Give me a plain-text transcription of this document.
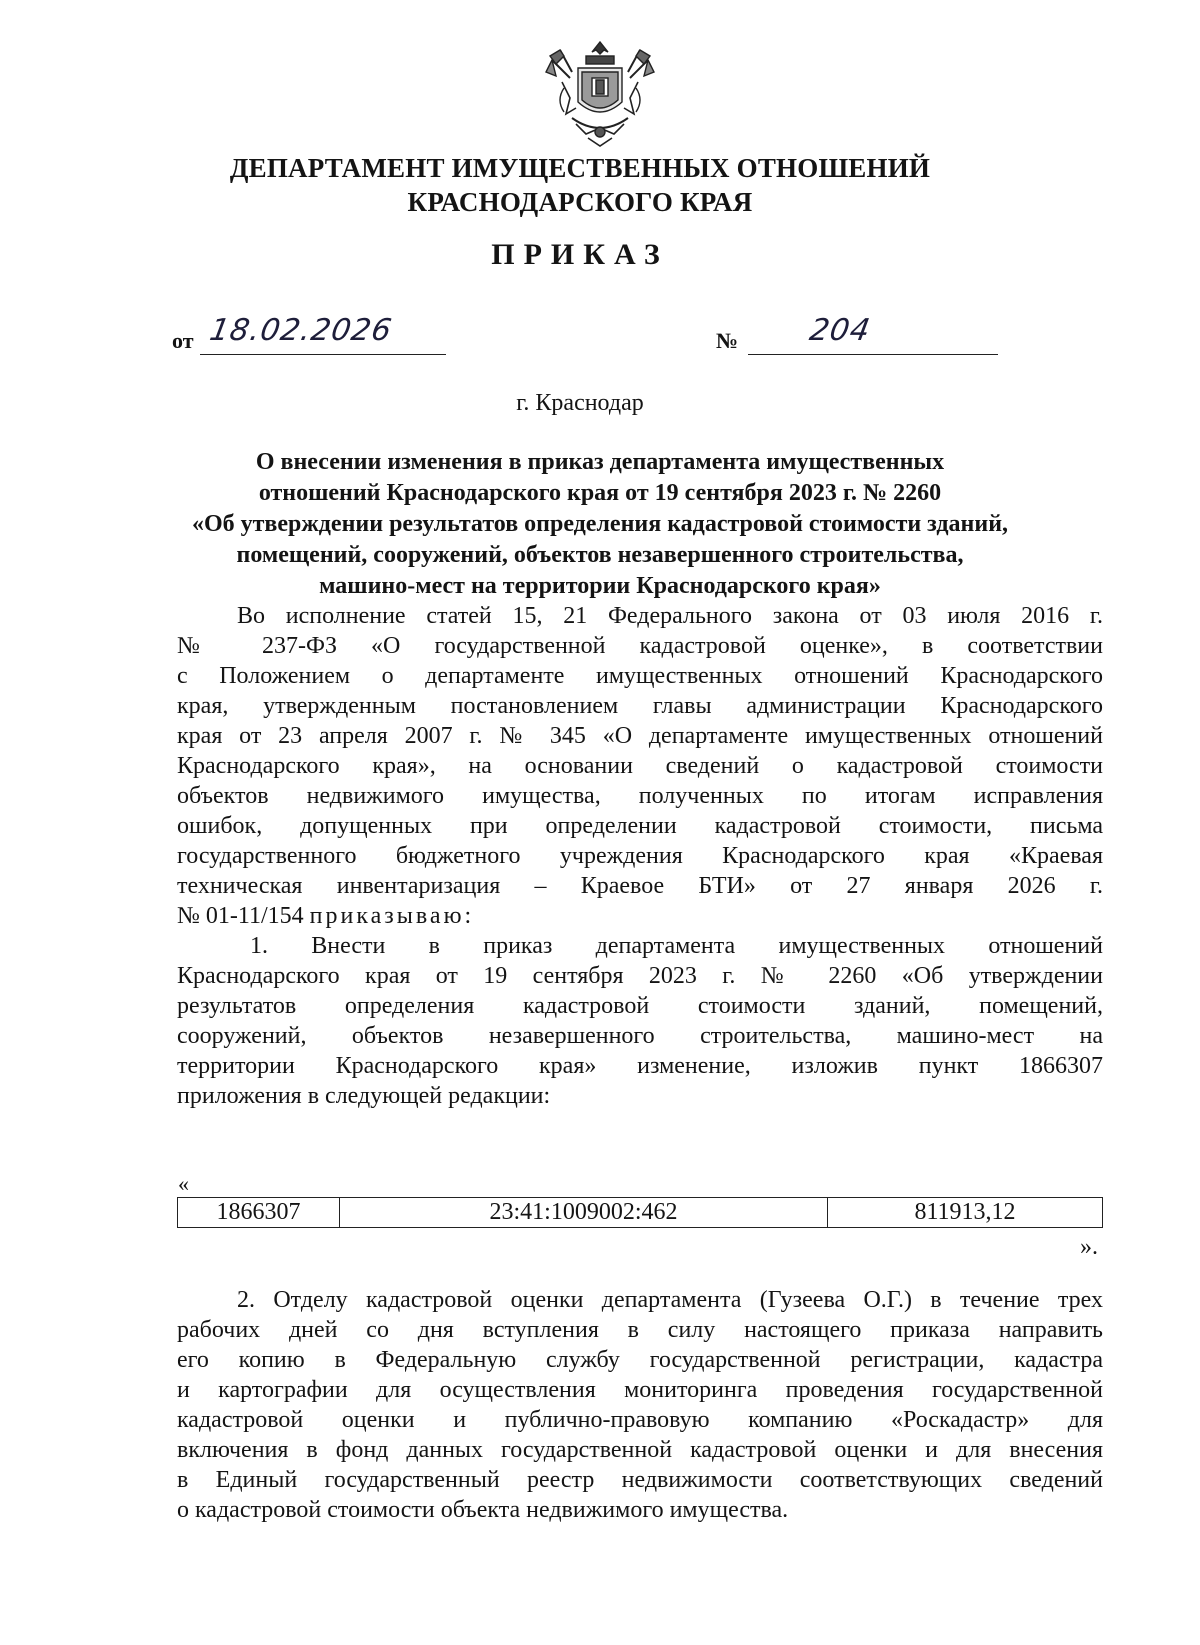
ДЕПАРТАМЕНТ ИМУЩЕСТВЕННЫХ ОТНОШЕНИЙ
КРАСНОДАРСКОГО КРАЯ
ПРИКАЗ
от 18.02.2026	№ 204
г. Краснодар
О внесении изменения в приказ департамента имущественных
отношений Краснодарского края от 19 сентября 2023 г. № 2260
«Об утверждении результатов определения кадастровой стоимости зданий,
помещений, сооружений, объектов незавершенного строительства,
машино-мест на территории Краснодарского края»
Во исполнение статей 15, 21 Федерального закона от 03 июля 2016 г.
№ 237-ФЗ «О государственной кадастровой оценке», в соответствии
с Положением о департаменте имущественных отношений Краснодарского
края, утвержденным постановлением главы администрации Краснодарского
края от 23 апреля 2007 г. № 345 «О департаменте имущественных отношений
Краснодарского края», на основании сведений о кадастровой стоимости
объектов недвижимого имущества, полученных по итогам исправления
ошибок, допущенных при определении кадастровой стоимости, письма
государственного бюджетного учреждения Краснодарского края «Краевая
техническая инвентаризация – Краевое БТИ» от 27 января 2026 г.
№ 01-11/154 приказываю:
1. Внести в приказ департамента имущественных отношений
Краснодарского края от 19 сентября 2023 г. № 2260 «Об утверждении
результатов определения кадастровой стоимости зданий, помещений,
сооружений, объектов незавершенного строительства, машино-мест на
территории Краснодарского края» изменение, изложив пункт 1866307
приложения в следующей редакции:
«
1866307	23:41:1009002:462	811913,12
».
2. Отделу кадастровой оценки департамента (Гузеева О.Г.) в течение трех
рабочих дней со дня вступления в силу настоящего приказа направить
его копию в Федеральную службу государственной регистрации, кадастра
и картографии для осуществления мониторинга проведения государственной
кадастровой оценки и публично-правовую компанию «Роскадастр» для
включения в фонд данных государственной кадастровой оценки и для внесения
в Единый государственный реестр недвижимости соответствующих сведений
о кадастровой стоимости объекта недвижимого имущества.
